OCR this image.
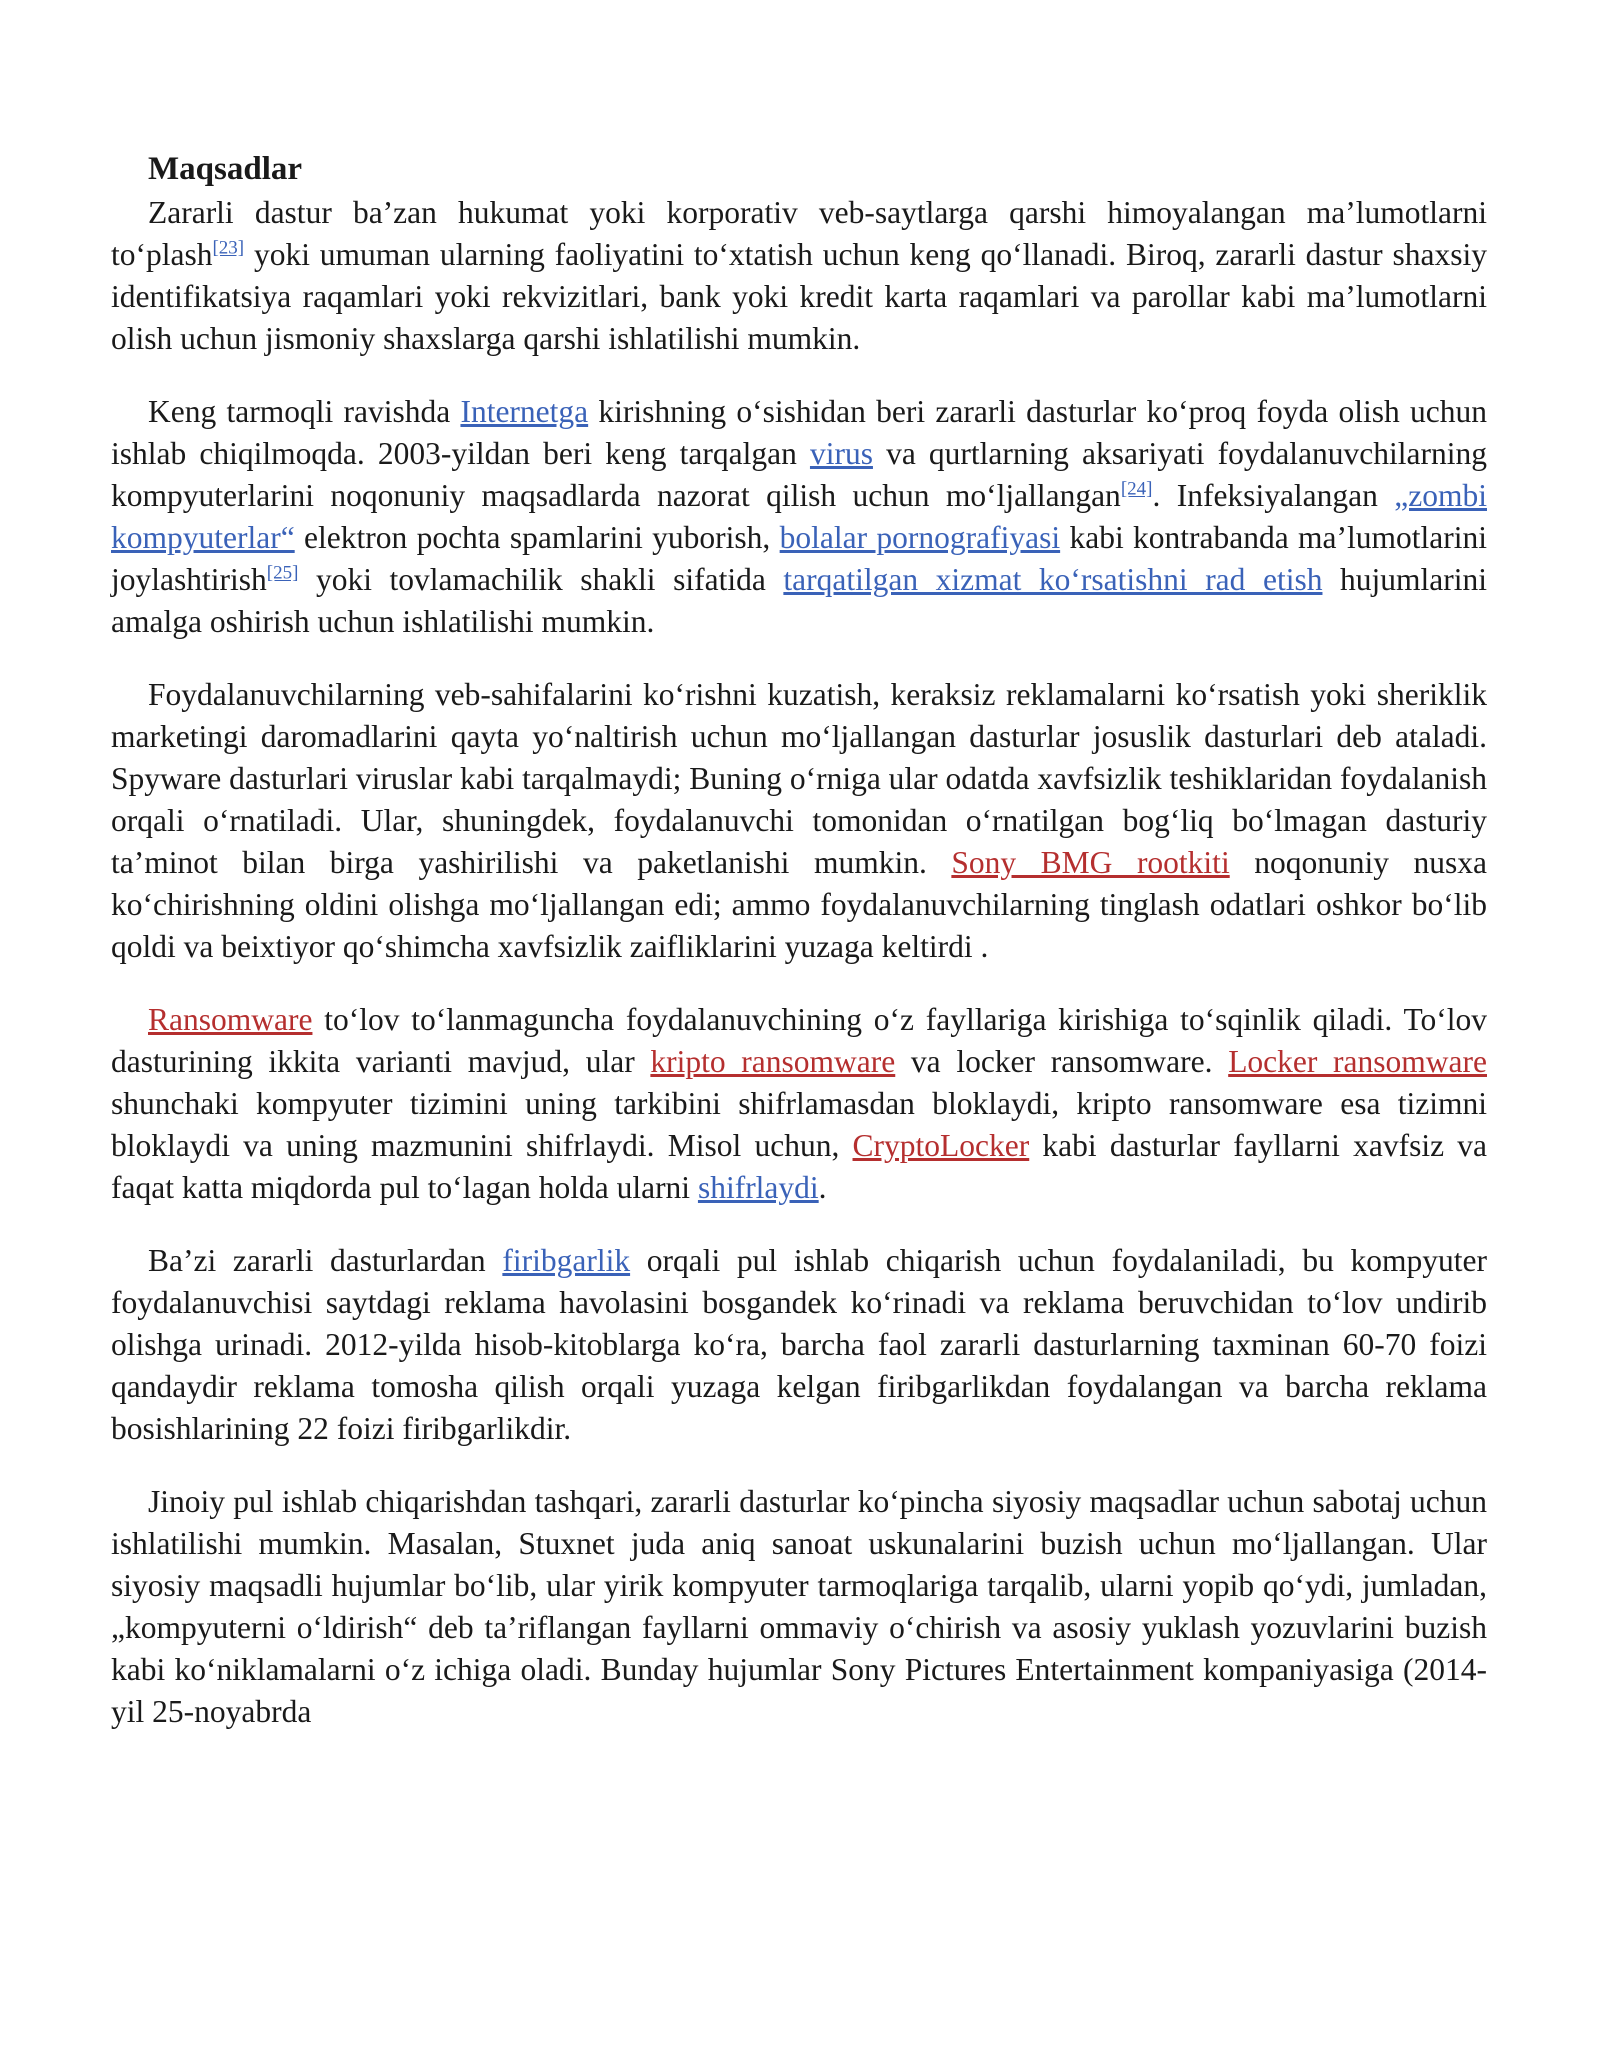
Maqsadlar

Zararli dastur ba’zan hukumat yoki korporativ veb-saytlarga qarshi himoyalangan ma’lumotlarni to‘plash[23] yoki umuman ularning faoliyatini to‘xtatish uchun keng qo‘llanadi. Biroq, zararli dastur shaxsiy identifikatsiya raqamlari yoki rekvizitlari, bank yoki kredit karta raqamlari va parollar kabi ma’lumotlarni olish uchun jismoniy shaxslarga qarshi ishlatilishi mumkin.

Keng tarmoqli ravishda Internetga kirishning o‘sishidan beri zararli dasturlar ko‘proq foyda olish uchun ishlab chiqilmoqda. 2003-yildan beri keng tarqalgan virus va qurtlarning aksariyati foydalanuvchilarning kompyuterlarini noqonuniy maqsadlarda nazorat qilish uchun mo‘ljallangan[24]. Infeksiyalangan „zombi kompyuterlar“ elektron pochta spamlarini yuborish, bolalar pornografiyasi kabi kontrabanda ma’lumotlarini joylashtirish[25] yoki tovlamachilik shakli sifatida tarqatilgan xizmat ko‘rsatishni rad etish hujumlarini amalga oshirish uchun ishlatilishi mumkin.

Foydalanuvchilarning veb-sahifalarini ko‘rishni kuzatish, keraksiz reklamalarni ko‘rsatish yoki sheriklik marketingi daromadlarini qayta yo‘naltirish uchun mo‘ljallangan dasturlar josuslik dasturlari deb ataladi. Spyware dasturlari viruslar kabi tarqalmaydi; Buning o‘rniga ular odatda xavfsizlik teshiklaridan foydalanish orqali o‘rnatiladi. Ular, shuningdek, foydalanuvchi tomonidan o‘rnatilgan bog‘liq bo‘lmagan dasturiy ta’minot bilan birga yashirilishi va paketlanishi mumkin. Sony BMG rootkiti noqonuniy nusxa ko‘chirishning oldini olishga mo‘ljallangan edi; ammo foydalanuvchilarning tinglash odatlari oshkor bo‘lib qoldi va beixtiyor qo‘shimcha xavfsizlik zaifliklarini yuzaga keltirdi .

Ransomware to‘lov to‘lanmaguncha foydalanuvchining o‘z fayllariga kirishiga to‘sqinlik qiladi. To‘lov dasturining ikkita varianti mavjud, ular kripto ransomware va locker ransomware. Locker ransomware shunchaki kompyuter tizimini uning tarkibini shifrlamasdan bloklaydi, kripto ransomware esa tizimni bloklaydi va uning mazmunini shifrlaydi. Misol uchun, CryptoLocker kabi dasturlar fayllarni xavfsiz va faqat katta miqdorda pul to‘lagan holda ularni shifrlaydi.

Ba’zi zararli dasturlardan firibgarlik orqali pul ishlab chiqarish uchun foydalaniladi, bu kompyuter foydalanuvchisi saytdagi reklama havolasini bosgandek ko‘rinadi va reklama beruvchidan to‘lov undirib olishga urinadi. 2012-yilda hisob-kitoblarga ko‘ra, barcha faol zararli dasturlarning taxminan 60-70 foizi qandaydir reklama tomosha qilish orqali yuzaga kelgan firibgarlikdan foydalangan va barcha reklama bosishlarining 22 foizi firibgarlikdir.

Jinoiy pul ishlab chiqarishdan tashqari, zararli dasturlar ko‘pincha siyosiy maqsadlar uchun sabotaj uchun ishlatilishi mumkin. Masalan, Stuxnet juda aniq sanoat uskunalarini buzish uchun mo‘ljallangan. Ular siyosiy maqsadli hujumlar bo‘lib, ular yirik kompyuter tarmoqlariga tarqalib, ularni yopib qo‘ydi, jumladan, „kompyuterni o‘ldirish“ deb ta’riflangan fayllarni ommaviy o‘chirish va asosiy yuklash yozuvlarini buzish kabi ko‘niklamalarni o‘z ichiga oladi. Bunday hujumlar Sony Pictures Entertainment kompaniyasiga (2014-yil 25-noyabrda
